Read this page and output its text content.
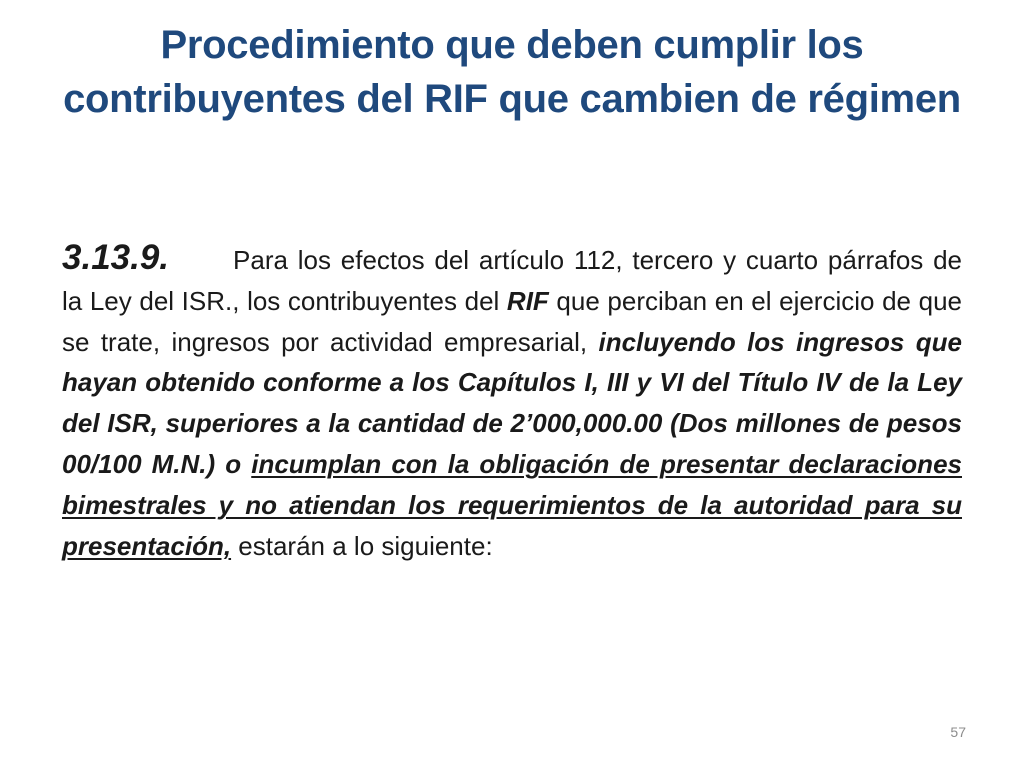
Procedimiento que deben cumplir los contribuyentes del RIF que cambien de régimen

3.13.9. Para los efectos del artículo 112, tercero y cuarto párrafos de la Ley del ISR., los contribuyentes del RIF que perciban en el ejercicio de que se trate, ingresos por actividad empresarial, incluyendo los ingresos que hayan obtenido conforme a los Capítulos I, III y VI del Título IV de la Ley del ISR, superiores a la cantidad de 2’000,000.00 (Dos millones de pesos 00/100 M.N.) o incumplan con la obligación de presentar declaraciones bimestrales y no atiendan los requerimientos de la autoridad para su presentación, estarán a lo siguiente:

57
